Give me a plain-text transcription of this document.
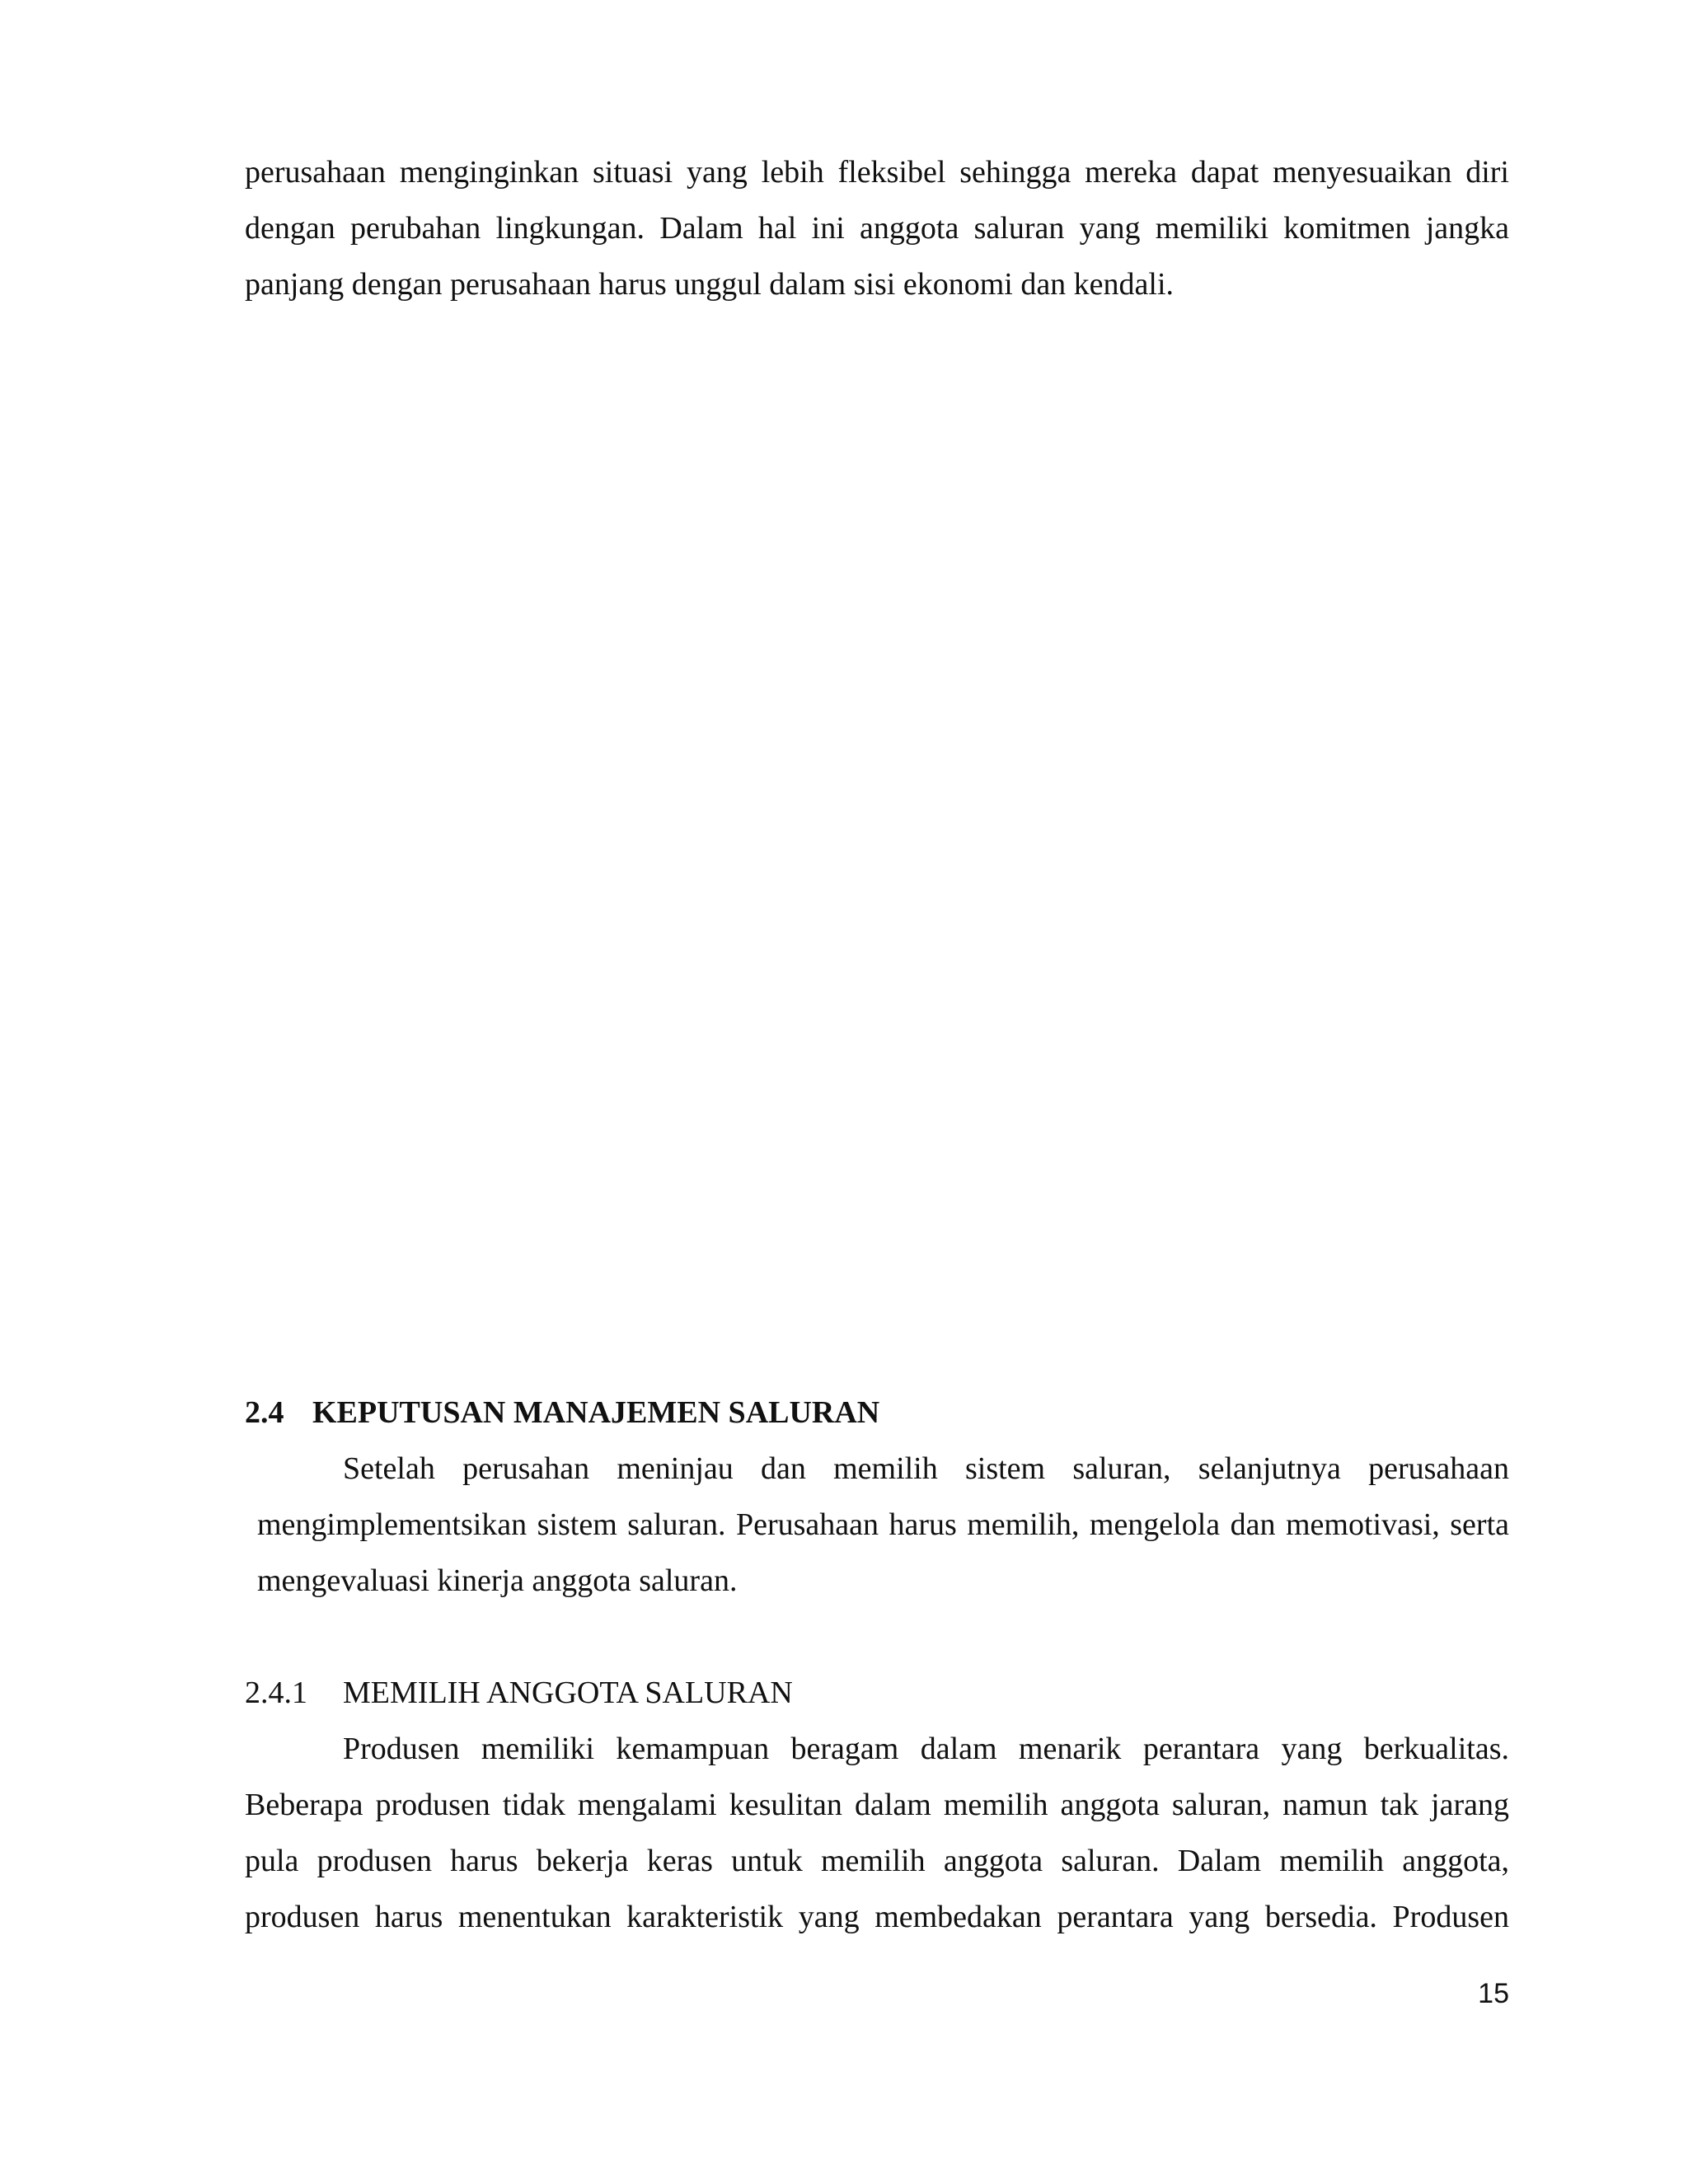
perusahaan menginginkan situasi yang lebih fleksibel sehingga mereka dapat menyesuaikan diri dengan perubahan lingkungan. Dalam hal ini anggota saluran yang memiliki komitmen jangka panjang dengan perusahaan harus unggul dalam sisi ekonomi dan kendali.

2.4 KEPUTUSAN MANAJEMEN SALURAN

Setelah perusahan meninjau dan memilih sistem saluran, selanjutnya perusahaan mengimplementsikan sistem saluran. Perusahaan harus memilih, mengelola dan memotivasi, serta mengevaluasi kinerja anggota saluran.

2.4.1 MEMILIH ANGGOTA SALURAN

Produsen memiliki kemampuan beragam dalam menarik perantara yang berkualitas. Beberapa produsen tidak mengalami kesulitan dalam memilih anggota saluran, namun tak jarang pula produsen harus bekerja keras untuk memilih anggota saluran. Dalam memilih anggota, produsen harus menentukan karakteristik yang membedakan perantara yang bersedia. Produsen

15
